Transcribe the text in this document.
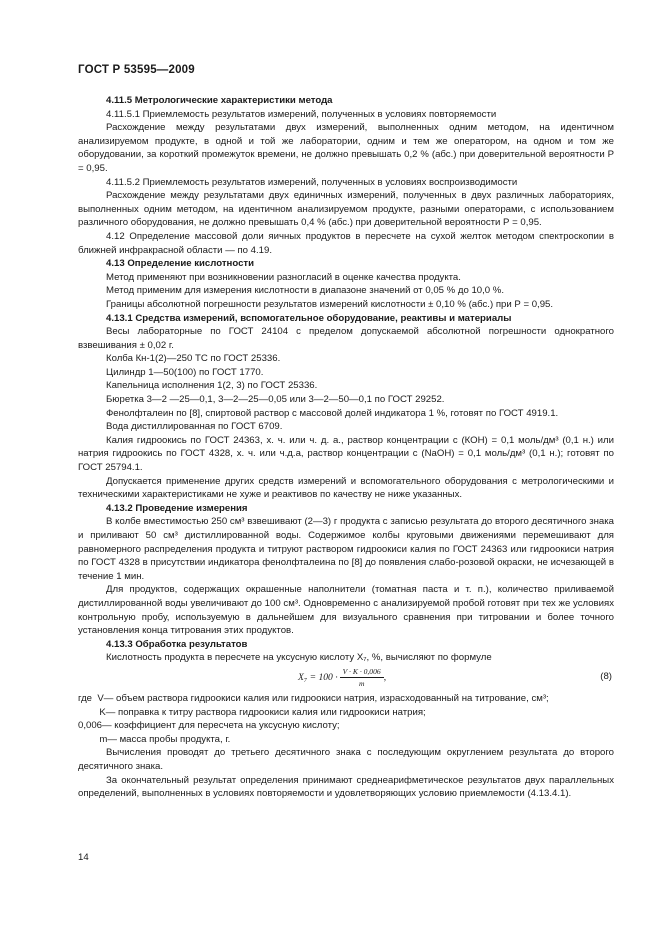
ГОСТ Р 53595—2009

4.11.5 Метрологические характеристики метода

4.11.5.1 Приемлемость результатов измерений, полученных в условиях повторяемости

Расхождение между результатами двух измерений, выполненных одним методом, на идентичном анализируемом продукте, в одной и той же лаборатории, одним и тем же оператором, на одном и том же оборудовании, за короткий промежуток времени, не должно превышать 0,2 % (абс.) при доверительной вероятности Р = 0,95.

4.11.5.2 Приемлемость результатов измерений, полученных в условиях воспроизводимости

Расхождение между результатами двух единичных измерений, полученных в двух различных лабораториях, выполненных одним методом, на идентичном анализируемом продукте, разными операторами, с использованием различного оборудования, не должно превышать 0,4 % (абс.) при доверительной вероятности Р = 0,95.

4.12 Определение массовой доли яичных продуктов в пересчете на сухой желток методом спектроскопии в ближней инфракрасной области — по 4.19.

4.13 Определение кислотности

Метод применяют при возникновении разногласий в оценке качества продукта.

Метод применим для измерения кислотности в диапазоне значений от 0,05 % до 10,0 %.

Границы абсолютной погрешности результатов измерений кислотности ± 0,10 % (абс.) при Р = 0,95.

4.13.1 Средства измерений, вспомогательное оборудование, реактивы и материалы

Весы лабораторные по ГОСТ 24104 с пределом допускаемой абсолютной погрешности однократного взвешивания ± 0,02 г.

Колба Кн-1(2)—250 ТС по ГОСТ 25336.

Цилиндр 1—50(100) по ГОСТ 1770.

Капельница исполнения 1(2, 3) по ГОСТ 25336.

Бюретка 3—2 —25—0,1, 3—2—25—0,05 или 3—2—50—0,1 по ГОСТ 29252.

Фенолфталеин по [8], спиртовой раствор с массовой долей индикатора 1 %, готовят по ГОСТ 4919.1.

Вода дистиллированная по ГОСТ 6709.

Калия гидроокись по ГОСТ 24363, х. ч. или ч. д. а., раствор концентрации с (КОН) = 0,1 моль/дм³ (0,1 н.) или натрия гидроокись по ГОСТ 4328, х. ч. или ч.д.а, раствор концентрации с (NaOH) = 0,1 моль/дм³ (0,1 н.); готовят по ГОСТ 25794.1.

Допускается применение других средств измерений и вспомогательного оборудования с метрологическими и техническими характеристиками не хуже и реактивов по качеству не ниже указанных.

4.13.2 Проведение измерения

В колбе вместимостью 250 см³ взвешивают (2—3) г продукта с записью результата до второго десятичного знака и приливают 50 см³ дистиллированной воды. Содержимое колбы круговыми движениями перемешивают для равномерного распределения продукта и титруют раствором гидроокиси калия по ГОСТ 24363 или гидроокиси натрия по ГОСТ 4328 в присутствии индикатора фенолфталеина по [8] до появления слабо-розовой окраски, не исчезающей в течение 1 мин.

Для продуктов, содержащих окрашенные наполнители (томатная паста и т. п.), количество приливаемой дистиллированной воды увеличивают до 100 см³. Одновременно с анализируемой пробой готовят при тех же условиях контрольную пробу, используемую в дальнейшем для визуального сравнения при титровании и более точного установления конца титрования этих продуктов.

4.13.3 Обработка результатов

Кислотность продукта в пересчете на уксусную кислоту X₇, %, вычисляют по формуле

$X_7 = 100 \cdot \frac{V \cdot K \cdot 0,006}{m}$ ,	(8)
где  V — объем раствора гидроокиси калия или гидроокиси натрия, израсходованный на титрование, см³;
K — поправка к титру раствора гидроокиси калия или гидроокиси натрия;
0,006 — коэффициент для пересчета на уксусную кислоту;
m — масса пробы продукта, г.

Вычисления проводят до третьего десятичного знака с последующим округлением результата до второго десятичного знака.

За окончательный результат определения принимают среднеарифметическое результатов двух параллельных определений, выполненных в условиях повторяемости и удовлетворяющих условию приемлемости (4.13.4.1).

14
